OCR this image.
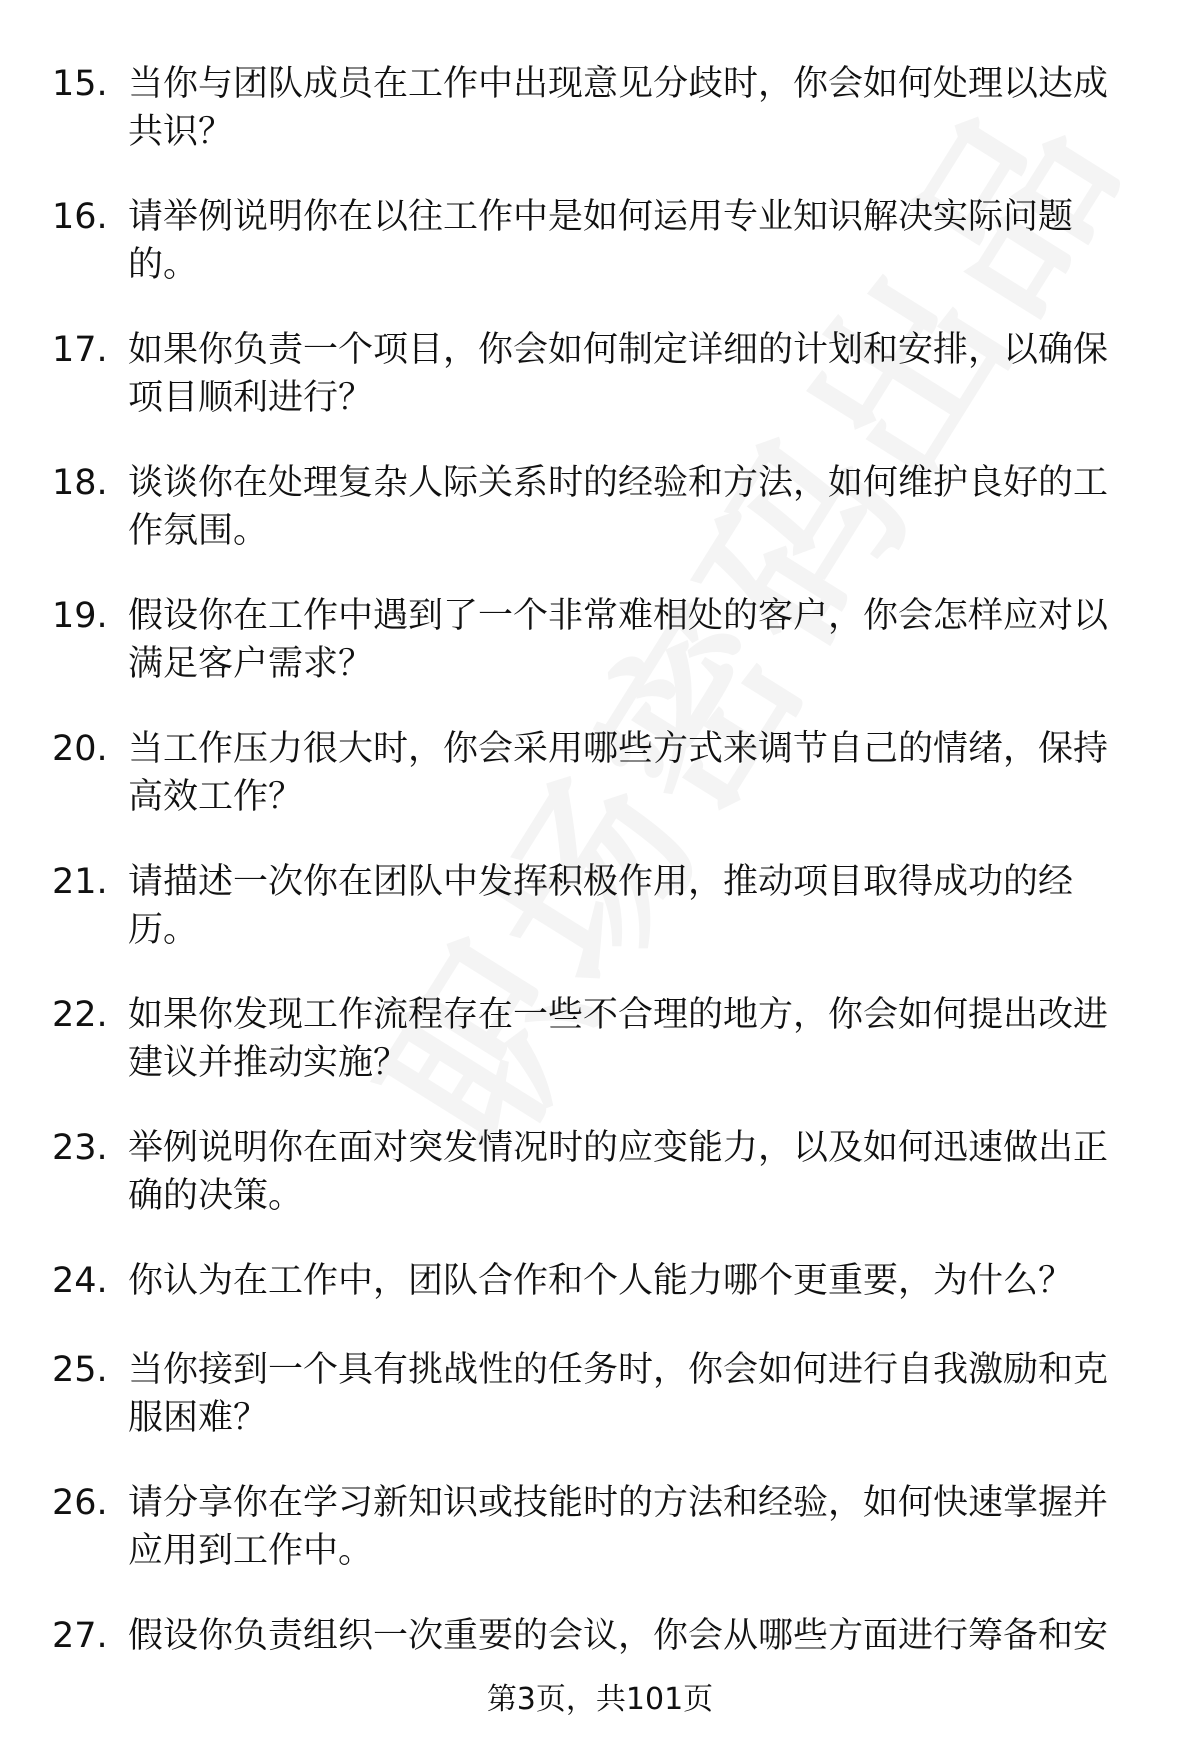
15. 当你与团队成员在工作中出现意见分歧时，你会如何处理以达成
共识？
16. 请举例说明你在以往工作中是如何运用专业知识解决实际问题
的。
17. 如果你负责一个项目，你会如何制定详细的计划和安排，以确保
项目顺利进行？
18. 谈谈你在处理复杂人际关系时的经验和方法，如何维护良好的工
作氛围。
19. 假设你在工作中遇到了一个非常难相处的客户，你会怎样应对以
满足客户需求？
20. 当工作压力很大时，你会采用哪些方式来调节自己的情绪，保持
高效工作？
21. 请描述一次你在团队中发挥积极作用，推动项目取得成功的经
历。
22. 如果你发现工作流程存在一些不合理的地方，你会如何提出改进
建议并推动实施？
23. 举例说明你在面对突发情况时的应变能力，以及如何迅速做出正
确的决策。
24. 你认为在工作中，团队合作和个人能力哪个更重要，为什么？
25. 当你接到一个具有挑战性的任务时，你会如何进行自我激励和克
服困难？
26. 请分享你在学习新知识或技能时的方法和经验，如何快速掌握并
应用到工作中。
27. 假设你负责组织一次重要的会议，你会从哪些方面进行筹备和安
第3页，共101页
